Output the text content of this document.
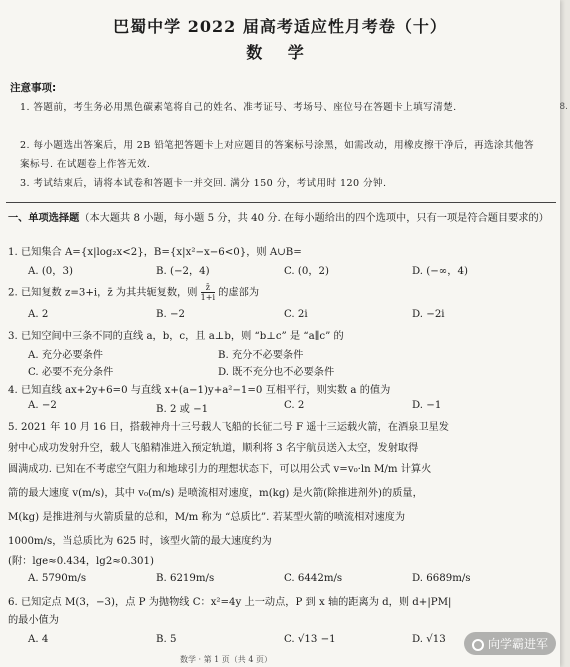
巴蜀中学 2022 届高考适应性月考卷（十）
数 学
注意事项:
1. 答题前，考生务必用黑色碳素笔将自己的姓名、准考证号、考场号、座位号在答题卡上填写清楚.
2. 每小题选出答案后，用 2B 铅笔把答题卡上对应题目的答案标号涂黑，如需改动，用橡皮擦干净后，再选涂其他答案标号. 在试题卷上作答无效.
3. 考试结束后，请将本试卷和答题卡一并交回. 满分 150 分，考试用时 120 分钟.
一、单项选择题（本大题共 8 小题，每小题 5 分，共 40 分. 在每小题给出的四个选项中，只有一项是符合题目要求的）
1. 已知集合 A={x|log₂x<2}，B={x|x²−x−6<0}，则 A∪B=
A. (0，3)	B. (−2，4)	C. (0，2)	D. (−∞，4)
2. 已知复数 z=3+i，z̄ 为其共轭复数，则 $\frac{z̄}{1+i}$ 的虚部为
A. 2	B. −2	C. 2i	D. −2i
3. 已知空间中三条不同的直线 a，b，c，且 a⊥b，则 “b⊥c” 是 “a∥c” 的
A. 充分必要条件	B. 充分不必要条件
C. 必要不充分条件	D. 既不充分也不必要条件
4. 已知直线 ax+2y+6=0 与直线 x+(a−1)y+a²−1=0 互相平行，则实数 a 的值为
A. −2	B. 2 或 −1	C. 2	D. −1
5. 2021 年 10 月 16 日，搭载神舟十三号载人飞船的长征二号 F 遥十三运载火箭，在酒泉卫星发
射中心成功发射升空，载人飞船精准进入预定轨道，顺利将 3 名宇航员送入太空，发射取得
圆满成功. 已知在不考虑空气阻力和地球引力的理想状态下，可以用公式 v=v₀·ln M/m 计算火
箭的最大速度 v(m/s)，其中 v₀(m/s) 是喷流相对速度，m(kg) 是火箭(除推进剂外)的质量，
M(kg) 是推进剂与火箭质量的总和，M/m 称为 “总质比”. 若某型火箭的喷流相对速度为
1000m/s，当总质比为 625 时，该型火箭的最大速度约为
(附：lge≈0.434，lg2≈0.301)
A. 5790m/s	B. 6219m/s	C. 6442m/s	D. 6689m/s
6. 已知定点 M(3，−3)，点 P 为抛物线 C：x²=4y 上一动点，P 到 x 轴的距离为 d，则 d+|PM|
的最小值为
A. 4	B. 5	C. √13 −1	D. √13
数学 · 第 1 页（共 4 页）
8.
向学霸进军
